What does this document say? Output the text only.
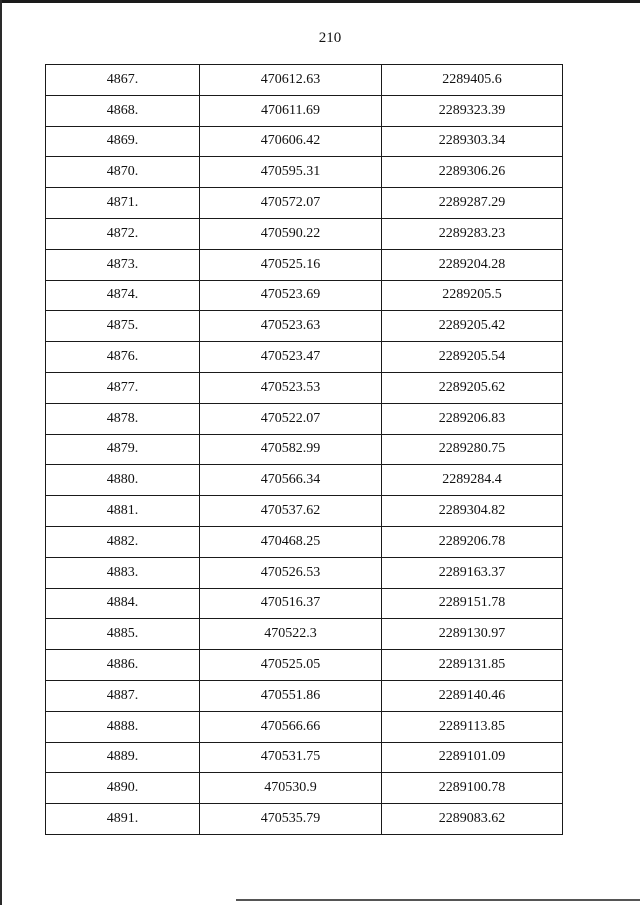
210
4867.	470612.63	2289405.6
4868.	470611.69	2289323.39
4869.	470606.42	2289303.34
4870.	470595.31	2289306.26
4871.	470572.07	2289287.29
4872.	470590.22	2289283.23
4873.	470525.16	2289204.28
4874.	470523.69	2289205.5
4875.	470523.63	2289205.42
4876.	470523.47	2289205.54
4877.	470523.53	2289205.62
4878.	470522.07	2289206.83
4879.	470582.99	2289280.75
4880.	470566.34	2289284.4
4881.	470537.62	2289304.82
4882.	470468.25	2289206.78
4883.	470526.53	2289163.37
4884.	470516.37	2289151.78
4885.	470522.3	2289130.97
4886.	470525.05	2289131.85
4887.	470551.86	2289140.46
4888.	470566.66	2289113.85
4889.	470531.75	2289101.09
4890.	470530.9	2289100.78
4891.	470535.79	2289083.62
